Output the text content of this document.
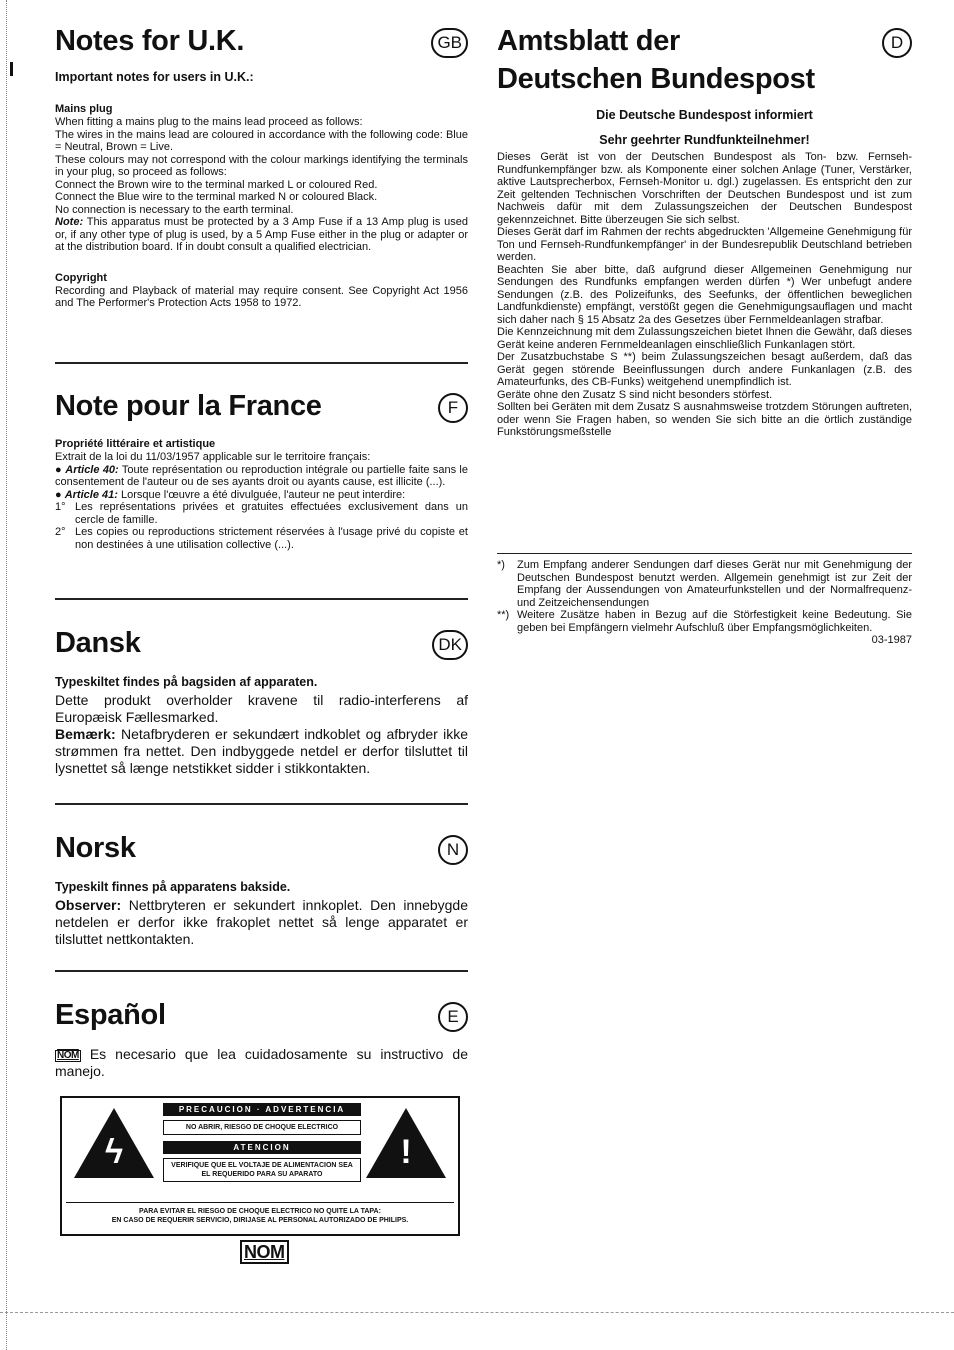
Notes for U.K.	GB

Important notes for users in U.K.:

Mains plug

When fitting a mains plug to the mains lead proceed as follows:

The wires in the mains lead are coloured in accordance with the following code: Blue = Neutral, Brown = Live.

These colours may not correspond with the colour markings identifying the terminals in your plug, so proceed as follows:

Connect the Brown wire to the terminal marked L or coloured Red.

Connect the Blue wire to the terminal marked N or coloured Black.

No connection is necessary to the earth terminal.

Note: This apparatus must be protected by a 3 Amp Fuse if a 13 Amp plug is used or, if any other type of plug is used, by a 5 Amp Fuse either in the plug or adapter or at the distribution board. If in doubt consult a qualified electrician.

Copyright

Recording and Playback of material may require consent. See Copyright Act 1956 and The Performer's Protection Acts 1958 to 1972.

Note pour la France	F

Propriété littéraire et artistique

Extrait de la loi du 11/03/1957 applicable sur le territoire français:

● Article 40: Toute représentation ou reproduction intégrale ou partielle faite sans le consentement de l'auteur ou de ses ayants droit ou ayants cause, est illicite (...).

● Article 41: Lorsque l'œuvre a été divulguée, l'auteur ne peut interdire:

1° Les représentations privées et gratuites effectuées exclusivement dans un cercle de famille.

2° Les copies ou reproductions strictement réservées à l'usage privé du copiste et non destinées à une utilisation collective (...).

Dansk	DK

Typeskiltet findes på bagsiden af apparaten.

Dette produkt overholder kravene til radio-interferens af Europæisk Fællesmarked.

Bemærk: Netafbryderen er sekundært indkoblet og afbryder ikke strømmen fra nettet. Den indbyggede netdel er derfor tilsluttet til lysnettet så længe netstikket sidder i stikkontakten.

Norsk	N

Typeskilt finnes på apparatens bakside.

Observer: Nettbryteren er sekundert innkoplet. Den innebygde netdelen er derfor ikke frakoplet nettet så lenge apparatet er tilsluttet nettkontakten.

Español	E

NOM Es necesario que lea cuidadosamente su instructivo de manejo.

ϟ
PRECAUCION · ADVERTENCIA
NO ABRIR, RIESGO DE CHOQUE ELECTRICO
ATENCION
VERIFIQUE QUE EL VOLTAJE DE ALIMENTACION SEA EL REQUERIDO PARA SU APARATO
!
PARA EVITAR EL RIESGO DE CHOQUE ELECTRICO NO QUITE LA TAPA:
EN CASO DE REQUERIR SERVICIO, DIRIJASE AL PERSONAL AUTORIZADO DE PHILIPS.
NOM
Amtsblatt der
Deutschen Bundespost
D

Die Deutsche Bundespost informiert

Sehr geehrter Rundfunkteilnehmer!

Dieses Gerät ist von der Deutschen Bundespost als Ton- bzw. Fernseh-Rundfunkempfänger bzw. als Komponente einer solchen Anlage (Tuner, Verstärker, aktive Lautsprecherbox, Fernseh-Monitor u. dgl.) zugelassen. Es entspricht den zur Zeit geltenden Technischen Vorschriften der Deutschen Bundespost und ist zum Nachweis dafür mit dem Zulassungszeichen der Deutschen Bundespost gekennzeichnet. Bitte überzeugen Sie sich selbst.

Dieses Gerät darf im Rahmen der rechts abgedruckten 'Allgemeine Genehmigung für Ton und Fernseh-Rundfunkempfänger' in der Bundesrepublik Deutschland betrieben werden.

Beachten Sie aber bitte, daß aufgrund dieser Allgemeinen Genehmigung nur Sendungen des Rundfunks empfangen werden dürfen *) Wer unbefugt andere Sendungen (z.B. des Polizeifunks, des Seefunks, der öffentlichen beweglichen Landfunkdienste) empfängt, verstößt gegen die Genehmigungsauflagen und macht sich daher nach § 15 Absatz 2a des Gesetzes über Fernmeldeanlagen strafbar.

Die Kennzeichnung mit dem Zulassungszeichen bietet Ihnen die Gewähr, daß dieses Gerät keine anderen Fernmeldeanlagen einschließlich Funkanlagen stört.

Der Zusatzbuchstabe S **) beim Zulassungszeichen besagt außerdem, daß das Gerät gegen störende Beeinflussungen durch andere Funkanlagen (z.B. des Amateurfunks, des CB-Funks) weitgehend unempfindlich ist.

Geräte ohne den Zusatz S sind nicht besonders störfest.

Sollten bei Geräten mit dem Zusatz S ausnahmsweise trotzdem Störungen auftreten, oder wenn Sie Fragen haben, so wenden Sie sich bitte an die örtlich zuständige Funkstörungsmeßstelle

*) Zum Empfang anderer Sendungen darf dieses Gerät nur mit Genehmigung der Deutschen Bundespost benutzt werden. Allgemein genehmigt ist zur Zeit der Empfang der Aussendungen von Amateurfunkstellen und der Normalfrequenz- und Zeitzeichensendungen

**) Weitere Zusätze haben in Bezug auf die Störfestigkeit keine Bedeutung. Sie geben bei Empfängern vielmehr Aufschluß über Empfangsmöglichkeiten.

03-1987
